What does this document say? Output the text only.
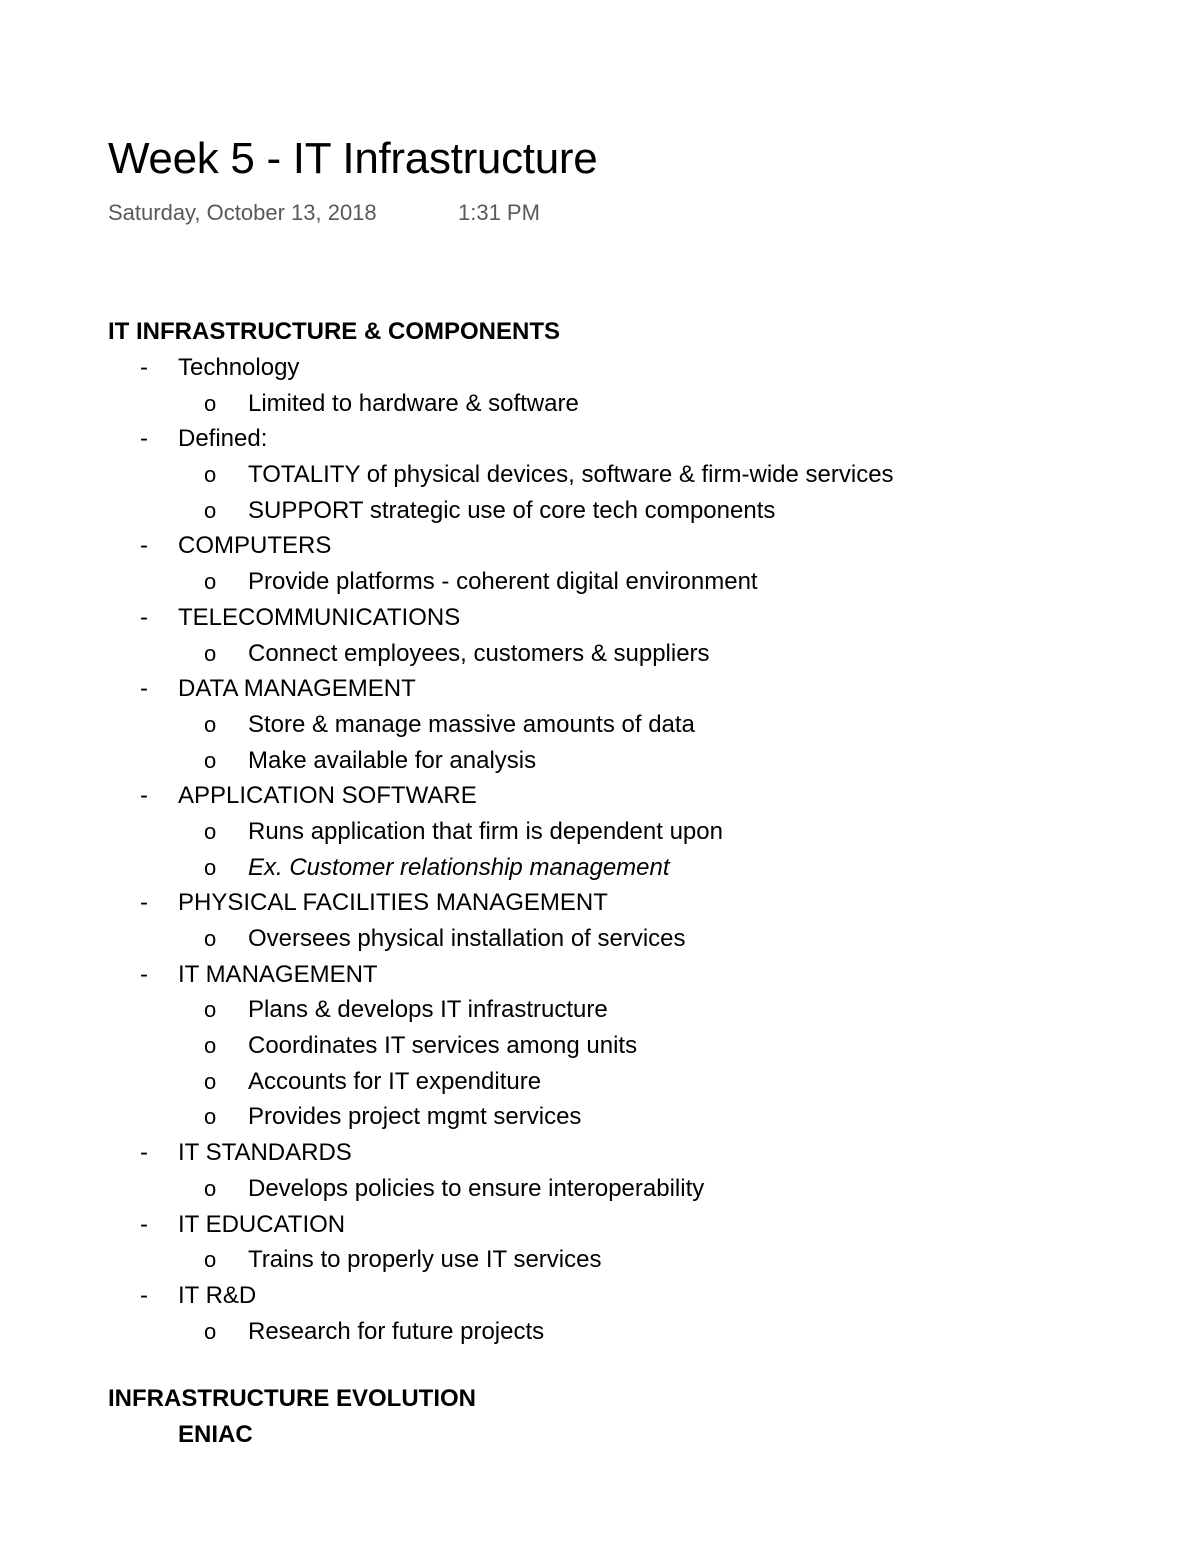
Week 5 - IT Infrastructure
Saturday, October 13, 2018	1:31 PM
IT INFRASTRUCTURE & COMPONENTS
- Technology
o Limited to hardware & software
- Defined:
o TOTALITY of physical devices, software & firm-wide services
o SUPPORT strategic use of core tech components
- COMPUTERS
o Provide platforms - coherent digital environment
- TELECOMMUNICATIONS
o Connect employees, customers & suppliers
- DATA MANAGEMENT
o Store & manage massive amounts of data
o Make available for analysis
- APPLICATION SOFTWARE
o Runs application that firm is dependent upon
o Ex. Customer relationship management
- PHYSICAL FACILITIES MANAGEMENT
o Oversees physical installation of services
- IT MANAGEMENT
o Plans & develops IT infrastructure
o Coordinates IT services among units
o Accounts for IT expenditure
o Provides project mgmt services
- IT STANDARDS
o Develops policies to ensure interoperability
- IT EDUCATION
o Trains to properly use IT services
- IT R&D
o Research for future projects
INFRASTRUCTURE EVOLUTION
ENIAC
